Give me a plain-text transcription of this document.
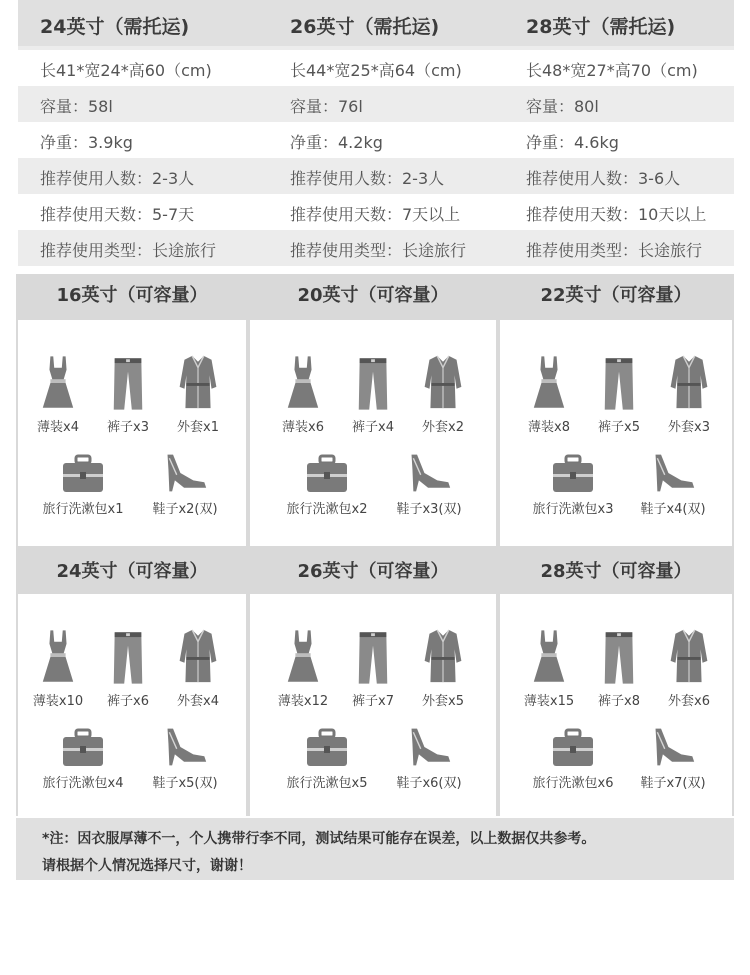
24英寸（需托运)	26英寸（需托运)	28英寸（需托运)
长41*宽24*高60（cm)	长44*宽25*高64（cm)	长48*宽27*高70（cm)
容量：58l	容量：76l	容量：80l
净重：3.9kg	净重：4.2kg	净重：4.6kg
推荐使用人数：2-3人	推荐使用人数：2-3人	推荐使用人数：3-6人
推荐使用天数：5-7天	推荐使用天数：7天以上	推荐使用天数：10天以上
推荐使用类型：长途旅行	推荐使用类型：长途旅行	推荐使用类型：长途旅行
16英寸（可容量）	20英寸（可容量）	22英寸（可容量）
薄装x4	裤子x3	外套x1
旅行洗漱包x1	鞋子x2(双)
薄装x6	裤子x4	外套x2
旅行洗漱包x2	鞋子x3(双)
薄装x8	裤子x5	外套x3
旅行洗漱包x3	鞋子x4(双)
24英寸（可容量）	26英寸（可容量）	28英寸（可容量）
薄装x10	裤子x6	外套x4
旅行洗漱包x4	鞋子x5(双)
薄装x12	裤子x7	外套x5
旅行洗漱包x5	鞋子x6(双)
薄装x15	裤子x8	外套x6
旅行洗漱包x6	鞋子x7(双)
*注：因衣服厚薄不一，个人携带行李不同，测试结果可能存在误差，以上数据仅共参考。
请根据个人情况选择尺寸，谢谢！
